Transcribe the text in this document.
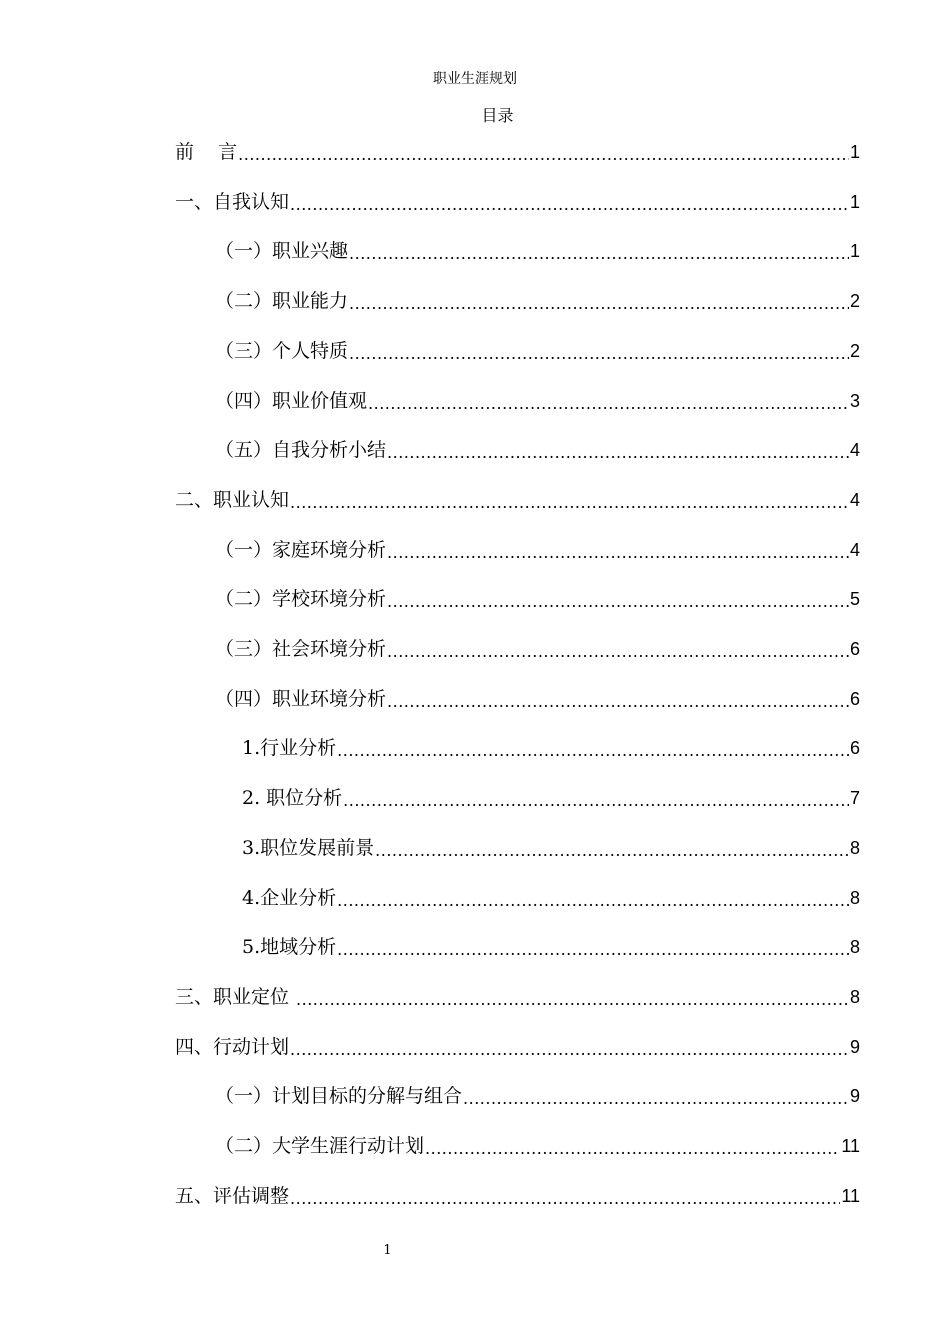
职业生涯规划
目录
前    言 .....	1
一、自我认知 .....	1
（一）职业兴趣 .....	1
（二）职业能力 .....	2
（三）个人特质 .....	2
（四）职业价值观 .....	3
（五）自我分析小结 .....	4
二、职业认知 .....	4
（一）家庭环境分析 .....	4
（二）学校环境分析 .....	5
（三）社会环境分析 .....	6
（四）职业环境分析 .....	6
1.行业分析 .....	6
2. 职位分析 .....	7
3.职位发展前景 .....	8
4.企业分析 .....	8
5.地域分析 .....	8
三、职业定位 .....	8
四、行动计划 .....	9
（一）计划目标的分解与组合 .....	9
（二）大学生涯行动计划 .....	11
五、评估调整 .....	11
1
